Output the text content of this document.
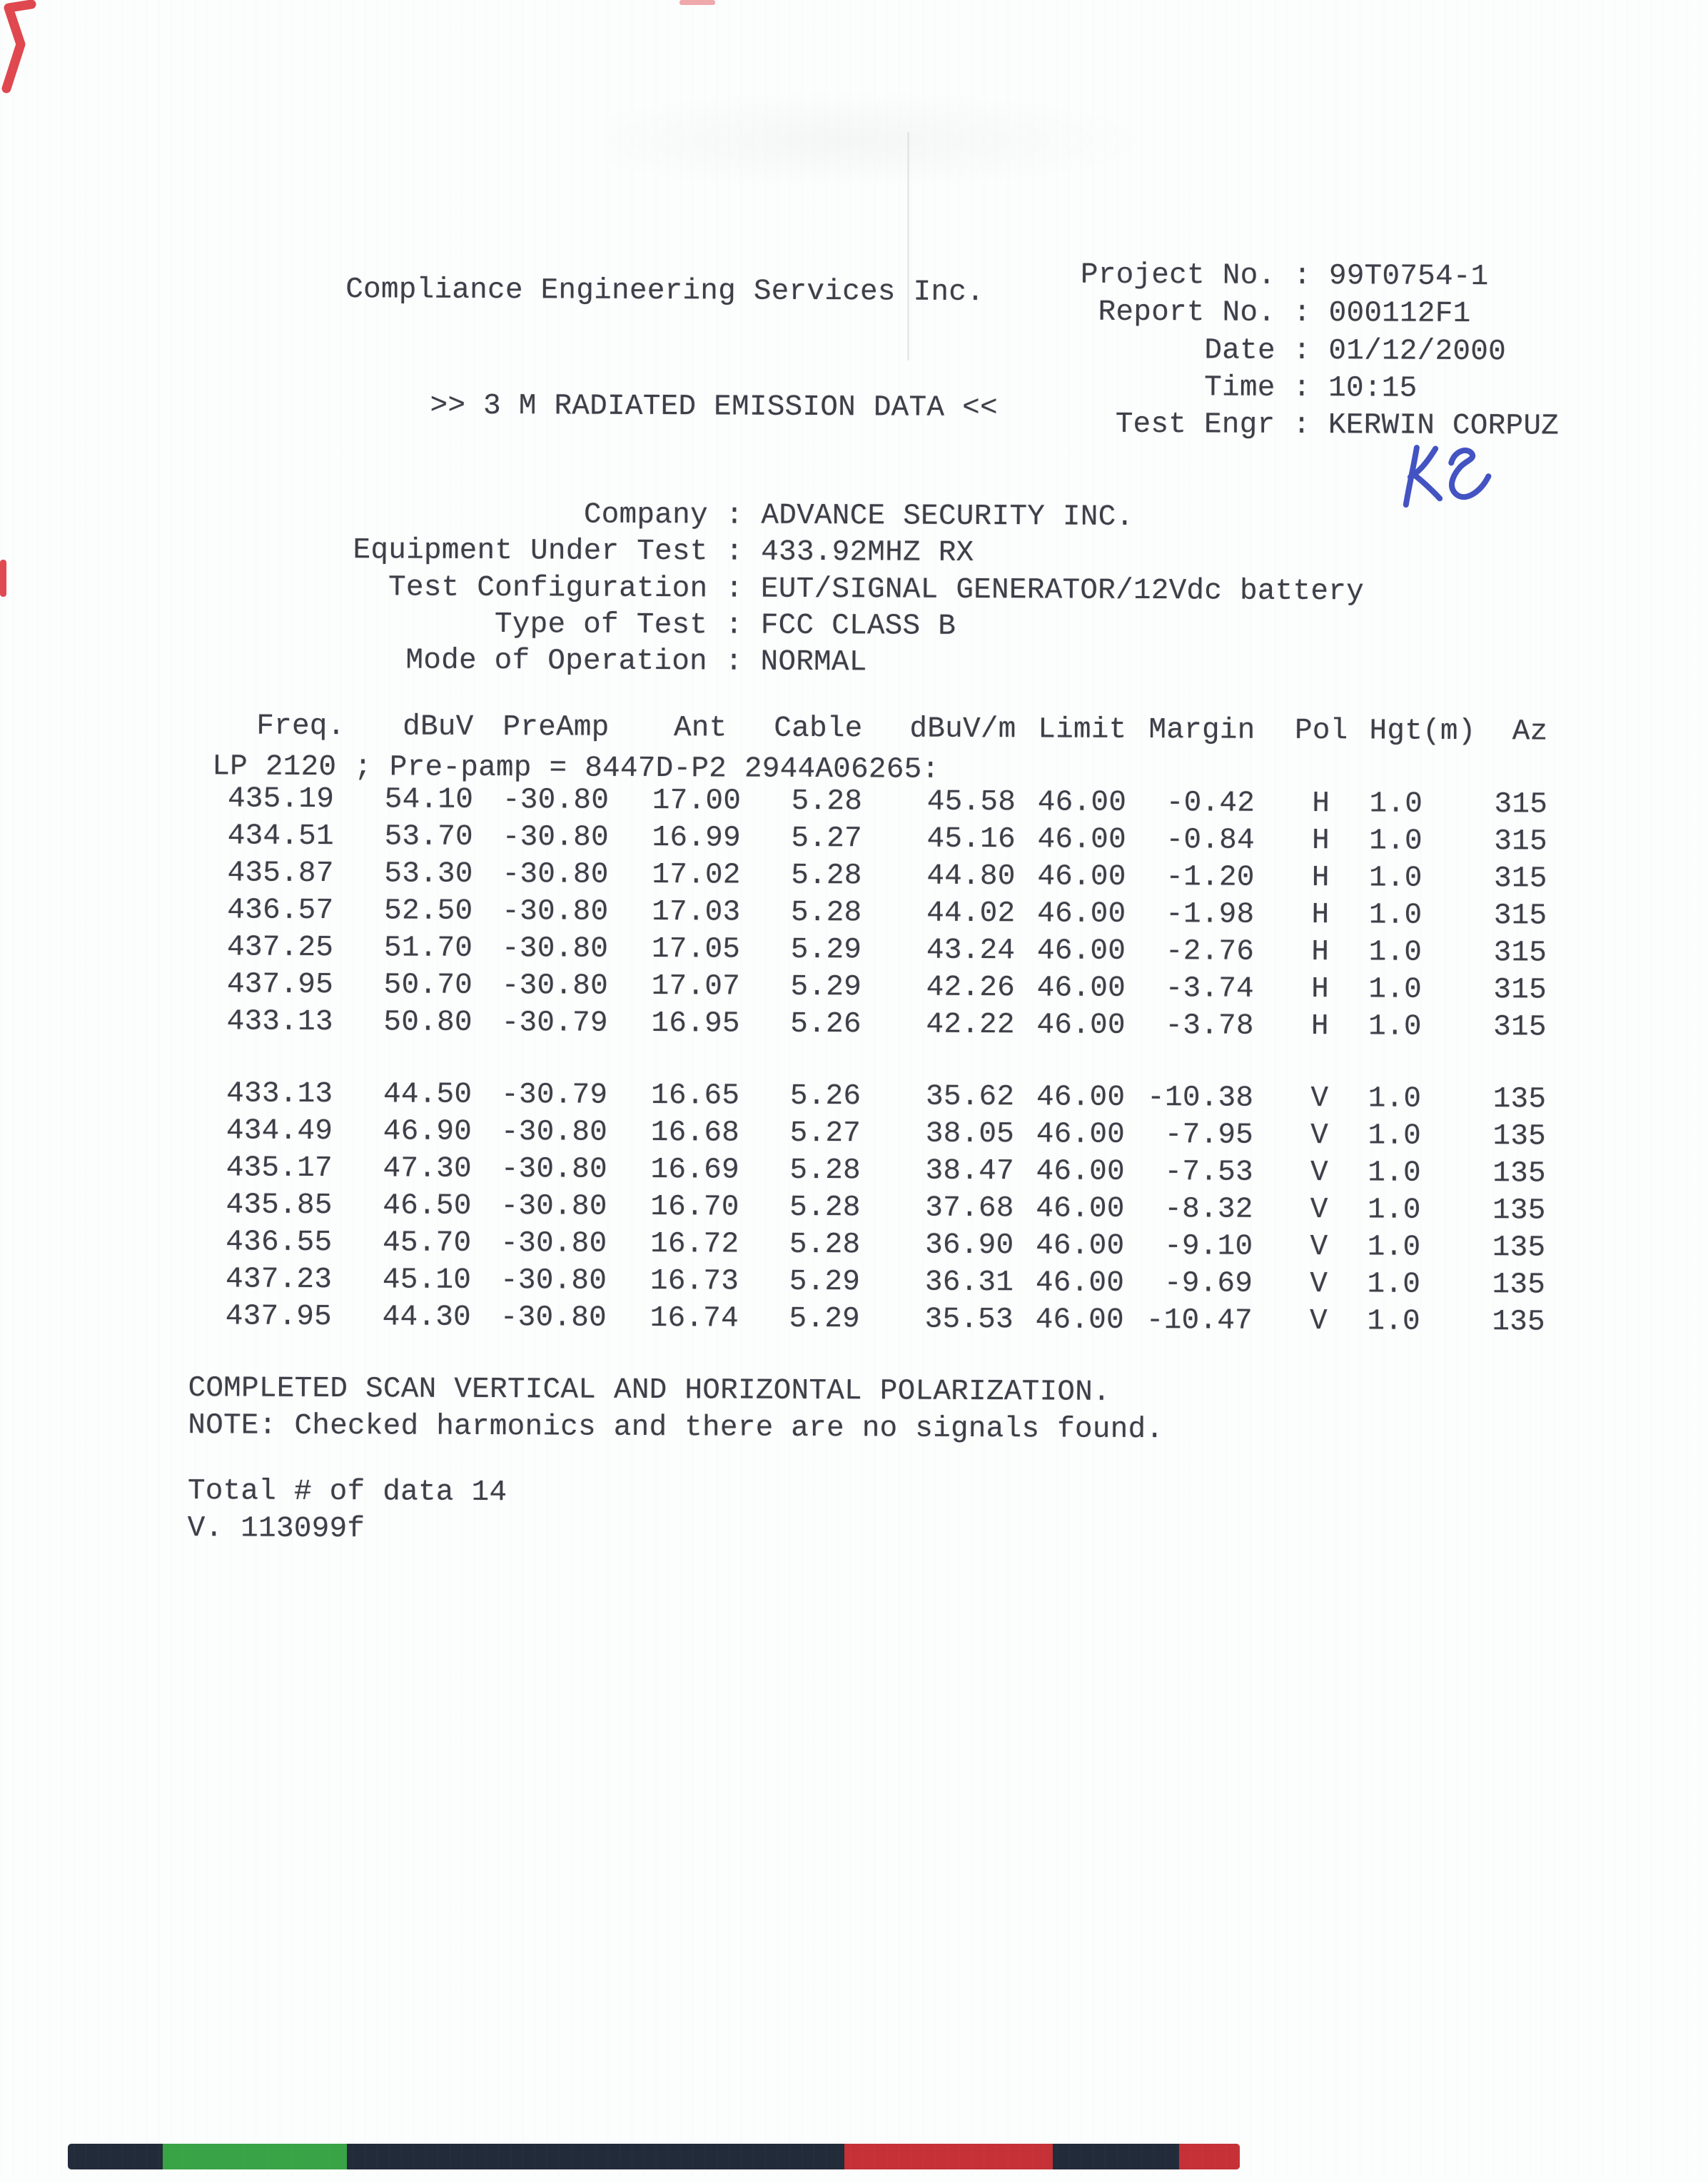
Compliance Engineering Services Inc.
>> 3 M RADIATED EMISSION DATA <<
Project No. : 99T0754-1
Report No. : 000112F1
Date : 01/12/2000
Time : 10:15
Test Engr : KERWIN CORPUZ
Company : ADVANCE SECURITY INC.
Equipment Under Test : 433.92MHZ RX
Test Configuration : EUT/SIGNAL GENERATOR/12Vdc battery
Type of Test : FCC CLASS B
Mode of Operation : NORMAL
Freq.	dBuV PreAmp	Ant	Cable	dBuV/m Limit Margin	Pol Hgt(m)	Az
LP 2120 ; Pre-pamp = 8447D-P2 2944A06265:
435.19	54.10 -30.80	17.00	5.28	45.58 46.00	-0.42	H	1.0	315
434.51	53.70 -30.80	16.99	5.27	45.16 46.00	-0.84	H	1.0	315
435.87	53.30 -30.80	17.02	5.28	44.80 46.00	-1.20	H	1.0	315
436.57	52.50 -30.80	17.03	5.28	44.02 46.00	-1.98	H	1.0	315
437.25	51.70 -30.80	17.05	5.29	43.24 46.00	-2.76	H	1.0	315
437.95	50.70 -30.80	17.07	5.29	42.26 46.00	-3.74	H	1.0	315
433.13	50.80 -30.79	16.95	5.26	42.22 46.00	-3.78	H	1.0	315
433.13	44.50 -30.79	16.65	5.26	35.62 46.00 -10.38	V	1.0	135
434.49	46.90 -30.80	16.68	5.27	38.05 46.00	-7.95	V	1.0	135
435.17	47.30 -30.80	16.69	5.28	38.47 46.00	-7.53	V	1.0	135
435.85	46.50 -30.80	16.70	5.28	37.68 46.00	-8.32	V	1.0	135
436.55	45.70 -30.80	16.72	5.28	36.90 46.00	-9.10	V	1.0	135
437.23	45.10 -30.80	16.73	5.29	36.31 46.00	-9.69	V	1.0	135
437.95	44.30 -30.80	16.74	5.29	35.53 46.00 -10.47	V	1.0	135
COMPLETED SCAN VERTICAL AND HORIZONTAL POLARIZATION.
NOTE: Checked harmonics and there are no signals found.
Total # of data 14
V. 113099f
